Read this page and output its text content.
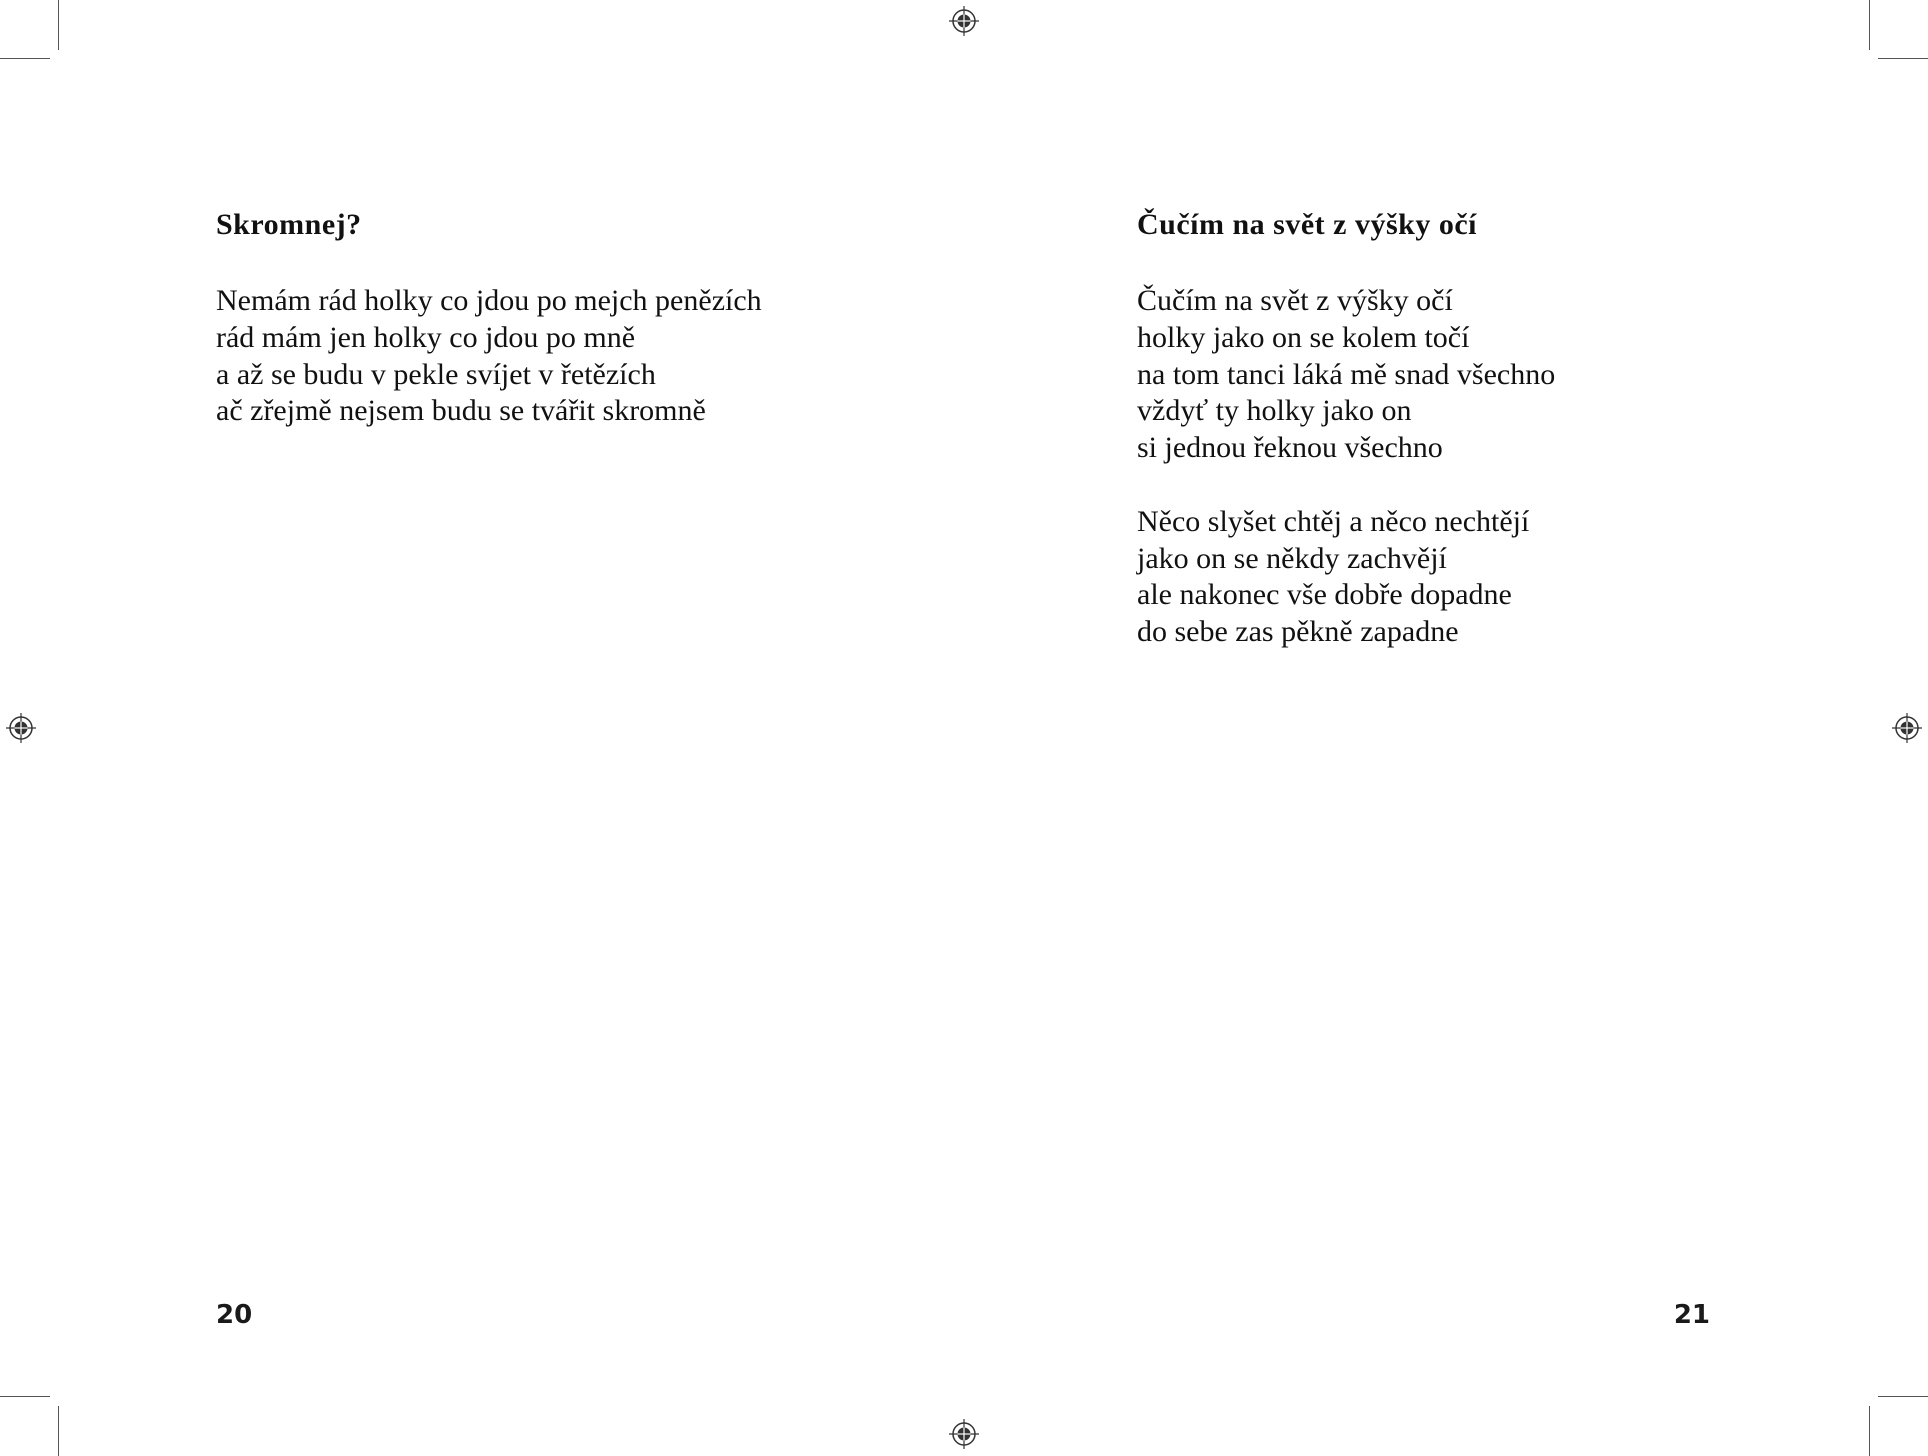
Skromnej?

Nemám rád holky co jdou po mejch penězích
rád mám jen holky co jdou po mně
a až se budu v pekle svíjet v řetězích
ač zřejmě nejsem budu se tvářit skromně

20
Čučím na svět z výšky očí

Čučím na svět z výšky očí
holky jako on se kolem točí
na tom tanci láká mě snad všechno
vždyť ty holky jako on
si jednou řeknou všechno

Něco slyšet chtěj a něco nechtějí
jako on se někdy zachvějí
ale nakonec vše dobře dopadne
do sebe zas pěkně zapadne

21
